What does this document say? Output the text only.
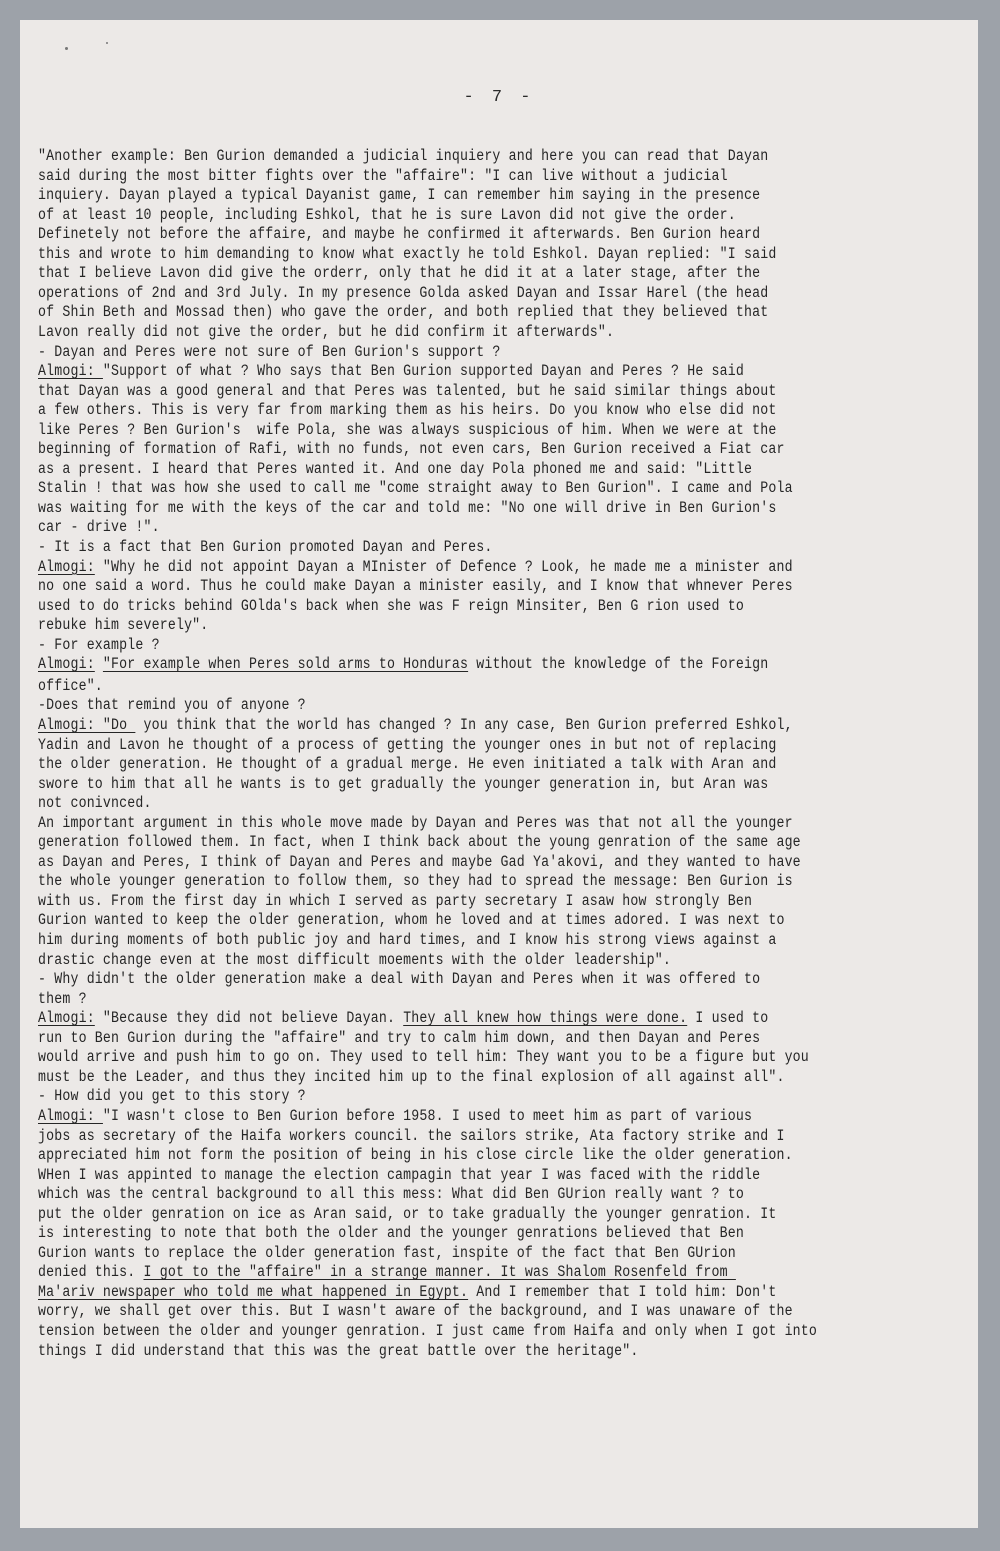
- 7 -
"Another example: Ben Gurion demanded a judicial inquiery and here you can read that Dayan
said during the most bitter fights over the "affaire": "I can live without a judicial
inquiery. Dayan played a typical Dayanist game, I can remember him saying in the presence
of at least 10 people, including Eshkol, that he is sure Lavon did not give the order.
Definetely not before the affaire, and maybe he confirmed it afterwards. Ben Gurion heard
this and wrote to him demanding to know what exactly he told Eshkol. Dayan replied: "I said
that I believe Lavon did give the orderr, only that he did it at a later stage, after the
operations of 2nd and 3rd July. In my presence Golda asked Dayan and Issar Harel (the head
of Shin Beth and Mossad then) who gave the order, and both replied that they believed that
Lavon really did not give the order, but he did confirm it afterwards".
- Dayan and Peres were not sure of Ben Gurion's support ?
Almogi: "Support of what ? Who says that Ben Gurion supported Dayan and Peres ? He said
that Dayan was a good general and that Peres was talented, but he said similar things about
a few others. This is very far from marking them as his heirs. Do you know who else did not
like Peres ? Ben Gurion's  wife Pola, she was always suspicious of him. When we were at the
beginning of formation of Rafi, with no funds, not even cars, Ben Gurion received a Fiat car
as a present. I heard that Peres wanted it. And one day Pola phoned me and said: "Little
Stalin ! that was how she used to call me "come straight away to Ben Gurion". I came and Pola
was waiting for me with the keys of the car and told me: "No one will drive in Ben Gurion's
car - drive !".
- It is a fact that Ben Gurion promoted Dayan and Peres.
Almogi: "Why he did not appoint Dayan a MInister of Defence ? Look, he made me a minister and
no one said a word. Thus he could make Dayan a minister easily, and I know that whnever Peres
used to do tricks behind GOlda's back when she was F reign Minsiter, Ben G rion used to
rebuke him severely".
- For example ?
Almogi: "For example when Peres sold arms to Honduras without the knowledge of the Foreign
office".
-Does that remind you of anyone ?
Almogi: "Do  you think that the world has changed ? In any case, Ben Gurion preferred Eshkol,
Yadin and Lavon he thought of a process of getting the younger ones in but not of replacing
the older generation. He thought of a gradual merge. He even initiated a talk with Aran and
swore to him that all he wants is to get gradually the younger generation in, but Aran was
not conivnced.
An important argument in this whole move made by Dayan and Peres was that not all the younger
generation followed them. In fact, when I think back about the young genration of the same age
as Dayan and Peres, I think of Dayan and Peres and maybe Gad Ya'akovi, and they wanted to have
the whole younger generation to follow them, so they had to spread the message: Ben Gurion is
with us. From the first day in which I served as party secretary I asaw how strongly Ben
Gurion wanted to keep the older generation, whom he loved and at times adored. I was next to
him during moments of both public joy and hard times, and I know his strong views against a
drastic change even at the most difficult moements with the older leadership".
- Why didn't the older generation make a deal with Dayan and Peres when it was offered to
them ?
Almogi: "Because they did not believe Dayan. They all knew how things were done. I used to
run to Ben Gurion during the "affaire" and try to calm him down, and then Dayan and Peres
would arrive and push him to go on. They used to tell him: They want you to be a figure but you
must be the Leader, and thus they incited him up to the final explosion of all against all".
- How did you get to this story ?
Almogi: "I wasn't close to Ben Gurion before 1958. I used to meet him as part of various
jobs as secretary of the Haifa workers council. the sailors strike, Ata factory strike and I
appreciated him not form the position of being in his close circle like the older generation.
WHen I was appinted to manage the election campagin that year I was faced with the riddle
which was the central background to all this mess: What did Ben GUrion really want ? to
put the older genration on ice as Aran said, or to take gradually the younger genration. It
is interesting to note that both the older and the younger genrations believed that Ben
Gurion wants to replace the older generation fast, inspite of the fact that Ben GUrion
denied this. I got to the "affaire" in a strange manner. It was Shalom Rosenfeld from
Ma'ariv newspaper who told me what happened in Egypt. And I remember that I told him: Don't
worry, we shall get over this. But I wasn't aware of the background, and I was unaware of the
tension between the older and younger genration. I just came from Haifa and only when I got into
things I did understand that this was the great battle over the heritage".
